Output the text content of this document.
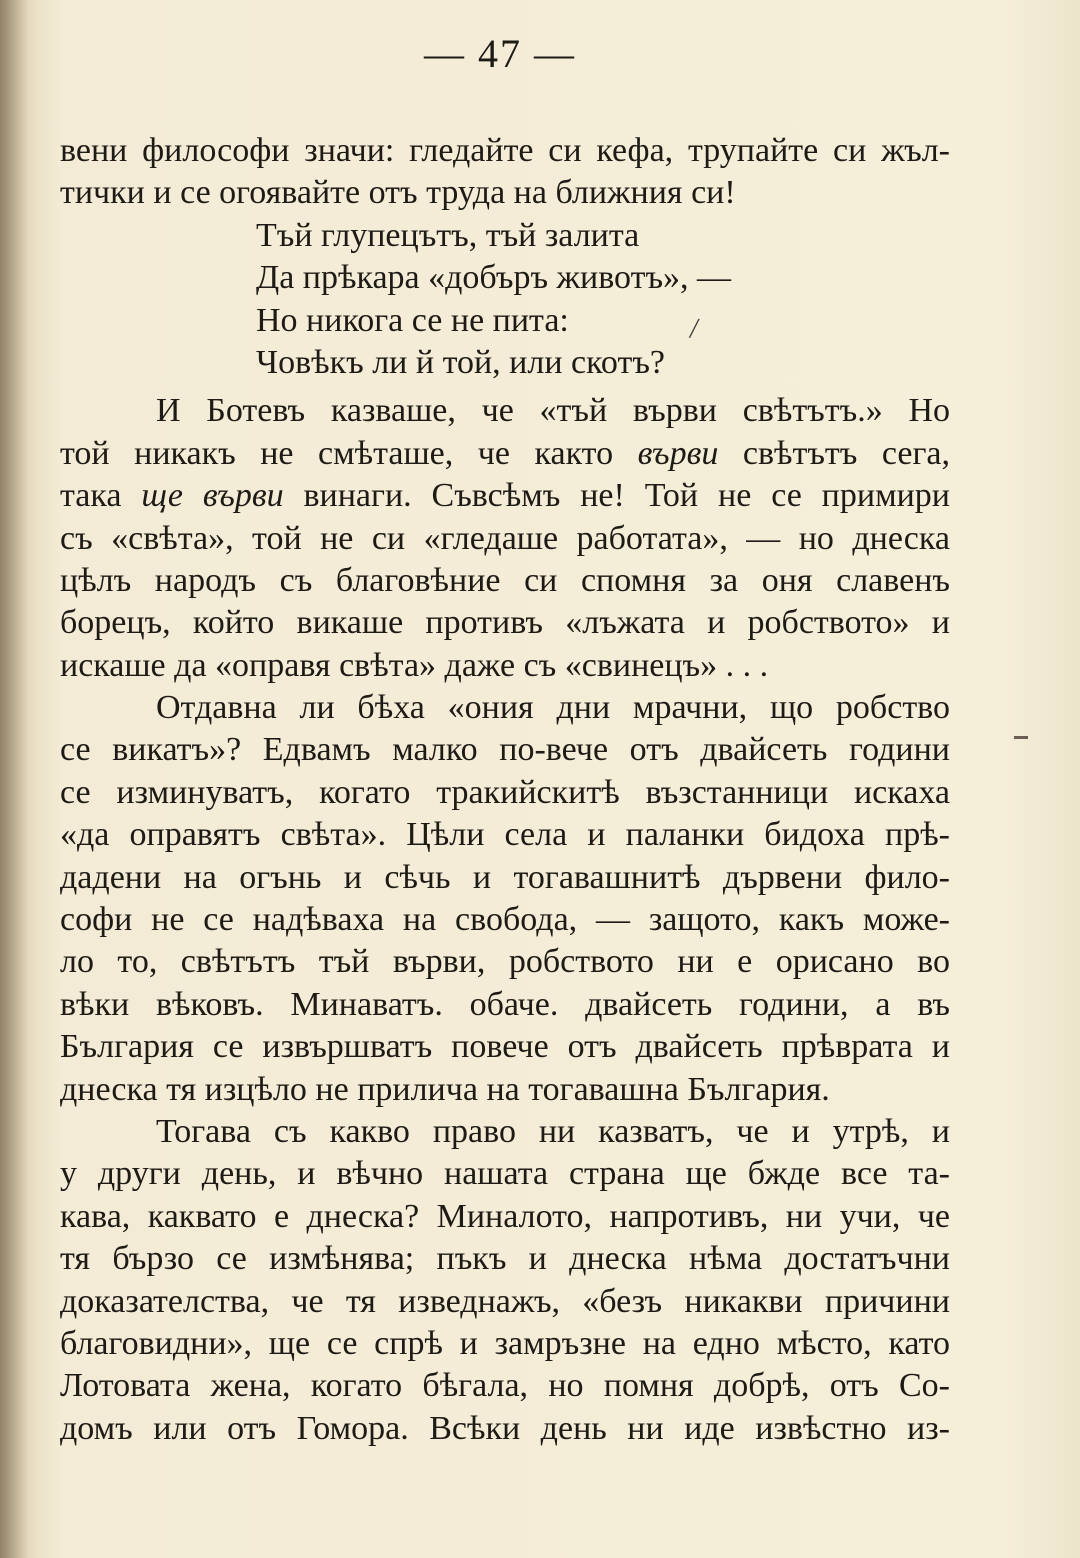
— 47 —
вени философи значи: гледайте си кефа, трупайте си жъл-
тички и се огоявайте отъ труда на ближния си!
Тъй глупецътъ, тъй залита
Да прѣкара «добъръ животъ», —
Но никога се не пита:
Човѣкъ ли й той, или скотъ?
И Ботевъ казваше, че «тъй върви свѣтътъ.» Но
той никакъ не смѣташе, че както върви свѣтътъ сега,
така ще върви винаги. Съвсѣмъ не! Той не се примири
съ «свѣта», той не си «гледаше работата», — но днеска
цѣлъ народъ съ благовѣние си спомня за оня славенъ
борецъ, който викаше противъ «лъжата и робството» и
искаше да «оправя свѣта» даже съ «свинецъ» . . .
Отдавна ли бѣха «ония дни мрачни, що робство
се викатъ»? Едвамъ малко по-вече отъ двайсеть години
се изминуватъ, когато тракийскитѣ възстанници искаха
«да оправятъ свѣта». Цѣли села и паланки бидоха прѣ-
дадени на огънь и сѣчь и тогавашнитѣ дървени фило-
софи не се надѣваха на свобода, — защото, какъ може-
ло то, свѣтътъ тъй върви, робството ни е орисано во
вѣки вѣковъ. Минаватъ. обаче. двайсеть години, а въ
България се извършватъ повече отъ двайсеть прѣврата и
днеска тя изцѣло не прилича на тогавашна България.
Тогава съ какво право ни казватъ, че и утрѣ, и
у други день, и вѣчно нашата страна ще бжде все та-
кава, каквато е днеска? Миналото, напротивъ, ни учи, че
тя бързо се измѣнява; пъкъ и днеска нѣма достатъчни
доказателства, че тя изведнажъ, «безъ никакви причини
благовидни», ще се спрѣ и замръзне на едно мѣсто, като
Лотовата жена, когато бѣгала, но помня добрѣ, отъ Со-
домъ или отъ Гомора. Всѣки день ни иде извѣстно из-
/
